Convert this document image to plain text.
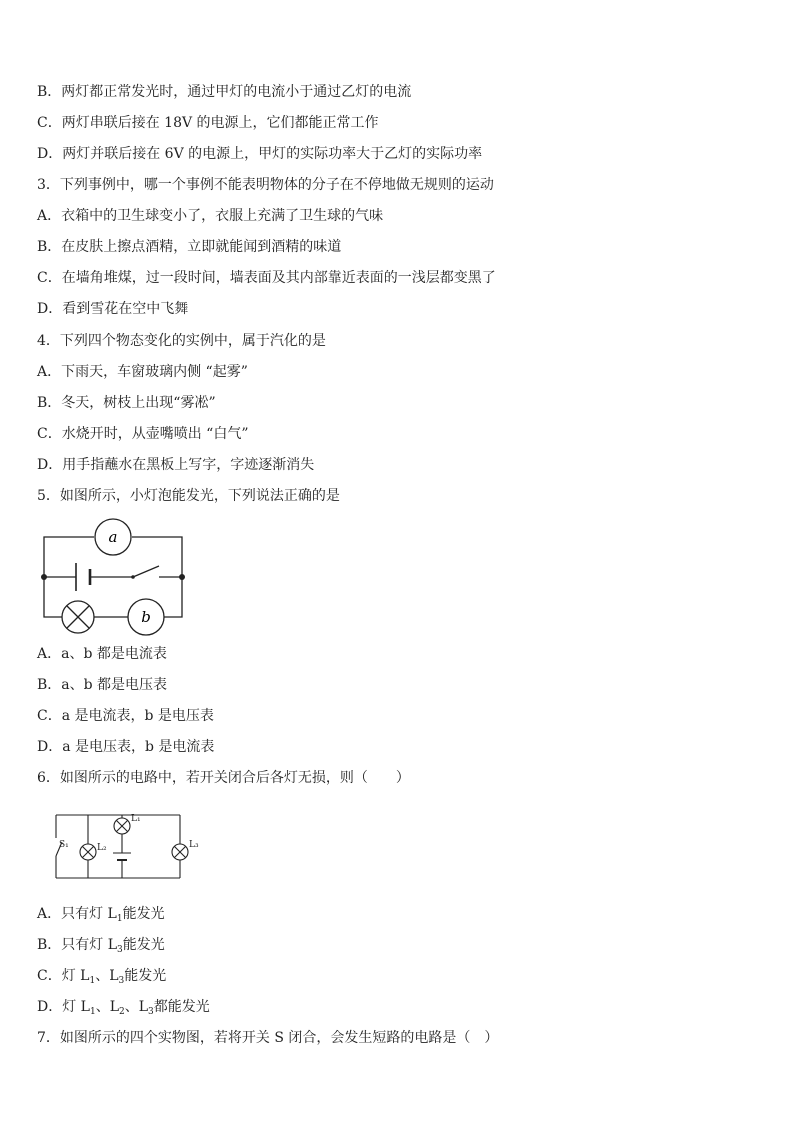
B．两灯都正常发光时，通过甲灯的电流小于通过乙灯的电流
C．两灯串联后接在 18V 的电源上，它们都能正常工作
D．两灯并联后接在 6V 的电源上，甲灯的实际功率大于乙灯的实际功率
3．下列事例中，哪一个事例不能表明物体的分子在不停地做无规则的运动
A．衣箱中的卫生球变小了，衣服上充满了卫生球的气味
B．在皮肤上擦点酒精，立即就能闻到酒精的味道
C．在墙角堆煤，过一段时间，墙表面及其内部靠近表面的一浅层都变黑了
D．看到雪花在空中飞舞
4．下列四个物态变化的实例中，属于汽化的是
A．下雨天，车窗玻璃内侧 “起雾”
B．冬天，树枝上出现“雾凇”
C．水烧开时，从壶嘴喷出 “白气”
D．用手指蘸水在黑板上写字，字迹逐渐消失
5．如图所示，小灯泡能发光，下列说法正确的是
a
b
A．a、b 都是电流表
B．a、b 都是电压表
C．a 是电流表，b 是电压表
D．a 是电压表，b 是电流表
6．如图所示的电路中，若开关闭合后各灯无损，则（　　）
S₁	L₂
L₁
L₃
A．只有灯 $L_1$能发光
B．只有灯 $L_3$能发光
C．灯 $L_1$、$L_3$能发光
D．灯 $L_1$、$L_2$、$L_3$都能发光
7．如图所示的四个实物图，若将开关 S 闭合，会发生短路的电路是（　）
